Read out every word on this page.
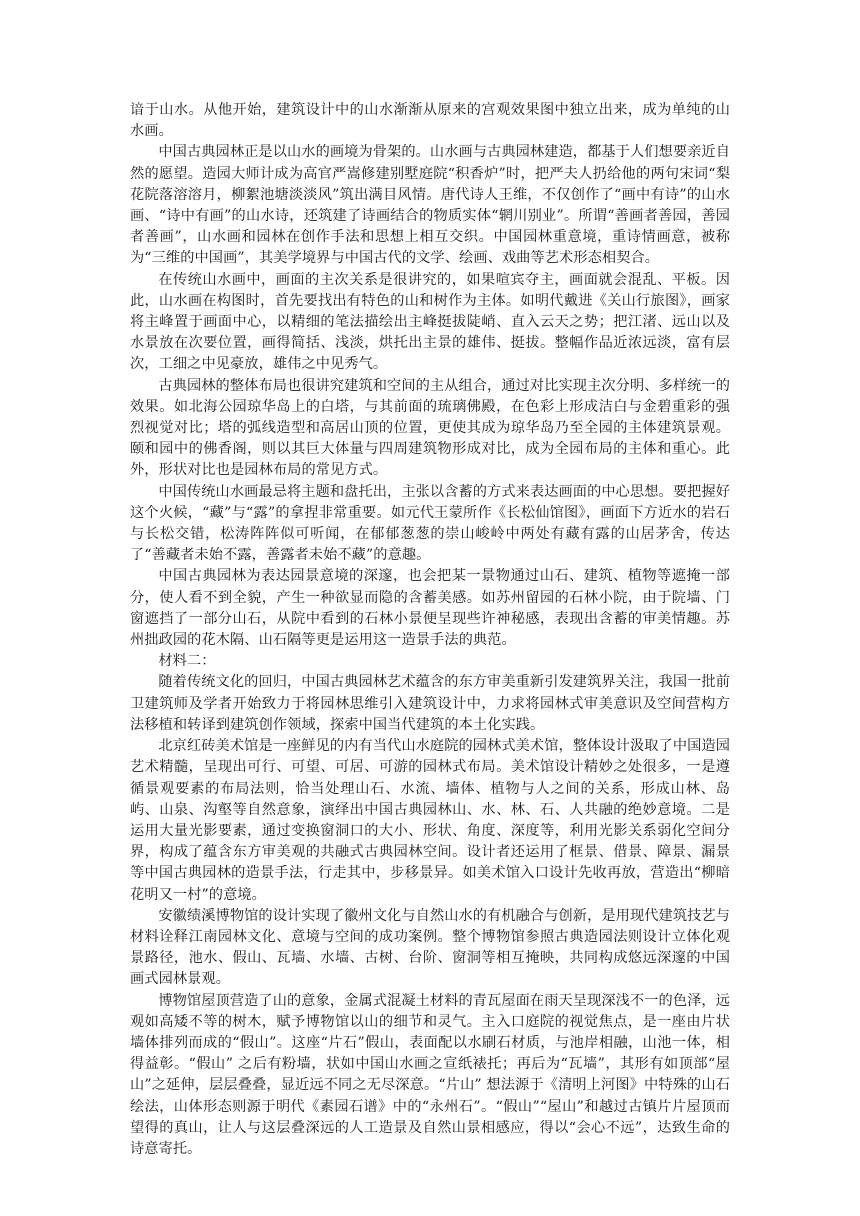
谙于山水。从他开始，建筑设计中的山水渐渐从原来的宫观效果图中独立出来，成为单纯的山水画。

中国古典园林正是以山水的画境为骨架的。山水画与古典园林建造，都基于人们想要亲近自然的愿望。造园大师计成为高官严嵩修建别墅庭院“积香炉”时，把严夫人扔给他的两句宋词“梨花院落溶溶月，柳絮池塘淡淡风”筑出满目风情。唐代诗人王维，不仅创作了“画中有诗”的山水画、“诗中有画”的山水诗，还筑建了诗画结合的物质实体“辋川别业”。所谓“善画者善园，善园者善画”，山水画和园林在创作手法和思想上相互交织。中国园林重意境，重诗情画意，被称为“三维的中国画”，其美学境界与中国古代的文学、绘画、戏曲等艺术形态相契合。

在传统山水画中，画面的主次关系是很讲究的，如果喧宾夺主，画面就会混乱、平板。因此，山水画在构图时，首先要找出有特色的山和树作为主体。如明代戴进《关山行旅图》，画家将主峰置于画面中心，以精细的笔法描绘出主峰挺拔陡峭、直入云天之势；把江渚、远山以及水景放在次要位置，画得简括、浅淡，烘托出主景的雄伟、挺拔。整幅作品近浓远淡，富有层次，工细之中见豪放，雄伟之中见秀气。

古典园林的整体布局也很讲究建筑和空间的主从组合，通过对比实现主次分明、多样统一的效果。如北海公园琼华岛上的白塔，与其前面的琉璃佛殿，在色彩上形成洁白与金碧重彩的强烈视觉对比；塔的弧线造型和高居山顶的位置，更使其成为琼华岛乃至全园的主体建筑景观。颐和园中的佛香阁，则以其巨大体量与四周建筑物形成对比，成为全园布局的主体和重心。此外，形状对比也是园林布局的常见方式。

中国传统山水画最忌将主题和盘托出，主张以含蓄的方式来表达画面的中心思想。要把握好这个火候，“藏”与“露”的拿捏非常重要。如元代王蒙所作《长松仙馆图》，画面下方近水的岩石与长松交错，松涛阵阵似可听闻，在郁郁葱葱的崇山峻岭中两处有藏有露的山居茅舍，传达了“善藏者未始不露，善露者未始不藏”的意趣。

中国古典园林为表达园景意境的深邃，也会把某一景物通过山石、建筑、植物等遮掩一部分，使人看不到全貌，产生一种欲显而隐的含蓄美感。如苏州留园的石林小院，由于院墙、门窗遮挡了一部分山石，从院中看到的石林小景便呈现些许神秘感，表现出含蓄的审美情趣。苏州拙政园的花木隔、山石隔等更是运用这一造景手法的典范。

材料二：

随着传统文化的回归，中国古典园林艺术蕴含的东方审美重新引发建筑界关注，我国一批前卫建筑师及学者开始致力于将园林思维引入建筑设计中，力求将园林式审美意识及空间营构方法移植和转译到建筑创作领域，探索中国当代建筑的本土化实践。

北京红砖美术馆是一座鲜见的内有当代山水庭院的园林式美术馆，整体设计汲取了中国造园艺术精髓，呈现出可行、可望、可居、可游的园林式布局。美术馆设计精妙之处很多，一是遵循景观要素的布局法则，恰当处理山石、水流、墙体、植物与人之间的关系，形成山林、岛屿、山泉、沟壑等自然意象，演绎出中国古典园林山、水、林、石、人共融的绝妙意境。二是运用大量光影要素，通过变换窗洞口的大小、形状、角度、深度等，利用光影关系弱化空间分界，构成了蕴含东方审美观的共融式古典园林空间。设计者还运用了框景、借景、障景、漏景等中国古典园林的造景手法，行走其中，步移景异。如美术馆入口设计先收再放，营造出“柳暗花明又一村”的意境。

安徽绩溪博物馆的设计实现了徽州文化与自然山水的有机融合与创新，是用现代建筑技艺与材料诠释江南园林文化、意境与空间的成功案例。整个博物馆参照古典造园法则设计立体化观景路径，池水、假山、瓦墙、水墙、古树、台阶、窗洞等相互掩映，共同构成悠远深邃的中国画式园林景观。

博物馆屋顶营造了山的意象，金属式混凝土材料的青瓦屋面在雨天呈现深浅不一的色泽，远观如高矮不等的树木，赋予博物馆以山的细节和灵气。主入口庭院的视觉焦点，是一座由片状墙体排列而成的“假山”。这座“片石”假山，表面配以水刷石材质，与池岸相融，山池一体，相得益彰。“假山” 之后有粉墙，状如中国山水画之宣纸裱托；再后为“瓦墙”，其形有如顶部“屋山”之延伸，层层叠叠，显近远不同之无尽深意。“片山” 想法源于《清明上河图》中特殊的山石绘法，山体形态则源于明代《素园石谱》中的“永州石”。“假山”“屋山”和越过古镇片片屋顶而望得的真山，让人与这层叠深远的人工造景及自然山景相感应，得以“会心不远”，达致生命的诗意寄托。
